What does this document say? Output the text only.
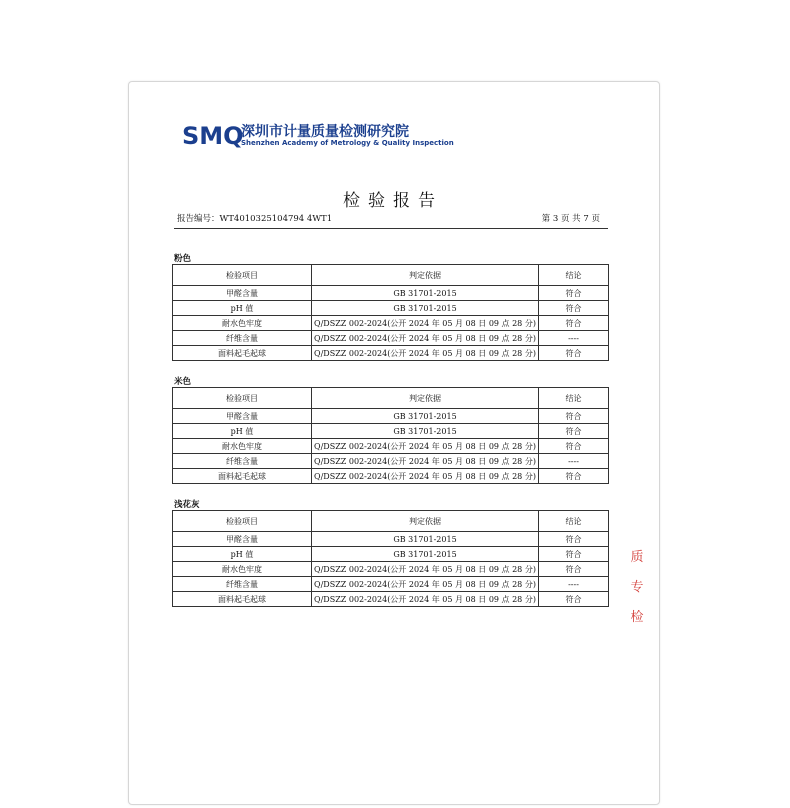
SMQ
深圳市计量质量检测研究院
Shenzhen Academy of Metrology & Quality Inspection
检验报告
报告编号：WT4010325104794 4WT1	第 3 页 共 7 页
粉色
检验项目	判定依据	结论
甲醛含量	GB 31701-2015	符合
pH 值	GB 31701-2015	符合
耐水色牢度	Q/DSZZ 002-2024(公开 2024 年 05 月 08 日 09 点 28 分)	符合
纤维含量	Q/DSZZ 002-2024(公开 2024 年 05 月 08 日 09 点 28 分)	----
面料起毛起球	Q/DSZZ 002-2024(公开 2024 年 05 月 08 日 09 点 28 分)	符合
米色
检验项目	判定依据	结论
甲醛含量	GB 31701-2015	符合
pH 值	GB 31701-2015	符合
耐水色牢度	Q/DSZZ 002-2024(公开 2024 年 05 月 08 日 09 点 28 分)	符合
纤维含量	Q/DSZZ 002-2024(公开 2024 年 05 月 08 日 09 点 28 分)	----
面料起毛起球	Q/DSZZ 002-2024(公开 2024 年 05 月 08 日 09 点 28 分)	符合
浅花灰
检验项目	判定依据	结论
甲醛含量	GB 31701-2015	符合
pH 值	GB 31701-2015	符合
耐水色牢度	Q/DSZZ 002-2024(公开 2024 年 05 月 08 日 09 点 28 分)	符合
纤维含量	Q/DSZZ 002-2024(公开 2024 年 05 月 08 日 09 点 28 分)	----
面料起毛起球	Q/DSZZ 002-2024(公开 2024 年 05 月 08 日 09 点 28 分)	符合
质
专
检
